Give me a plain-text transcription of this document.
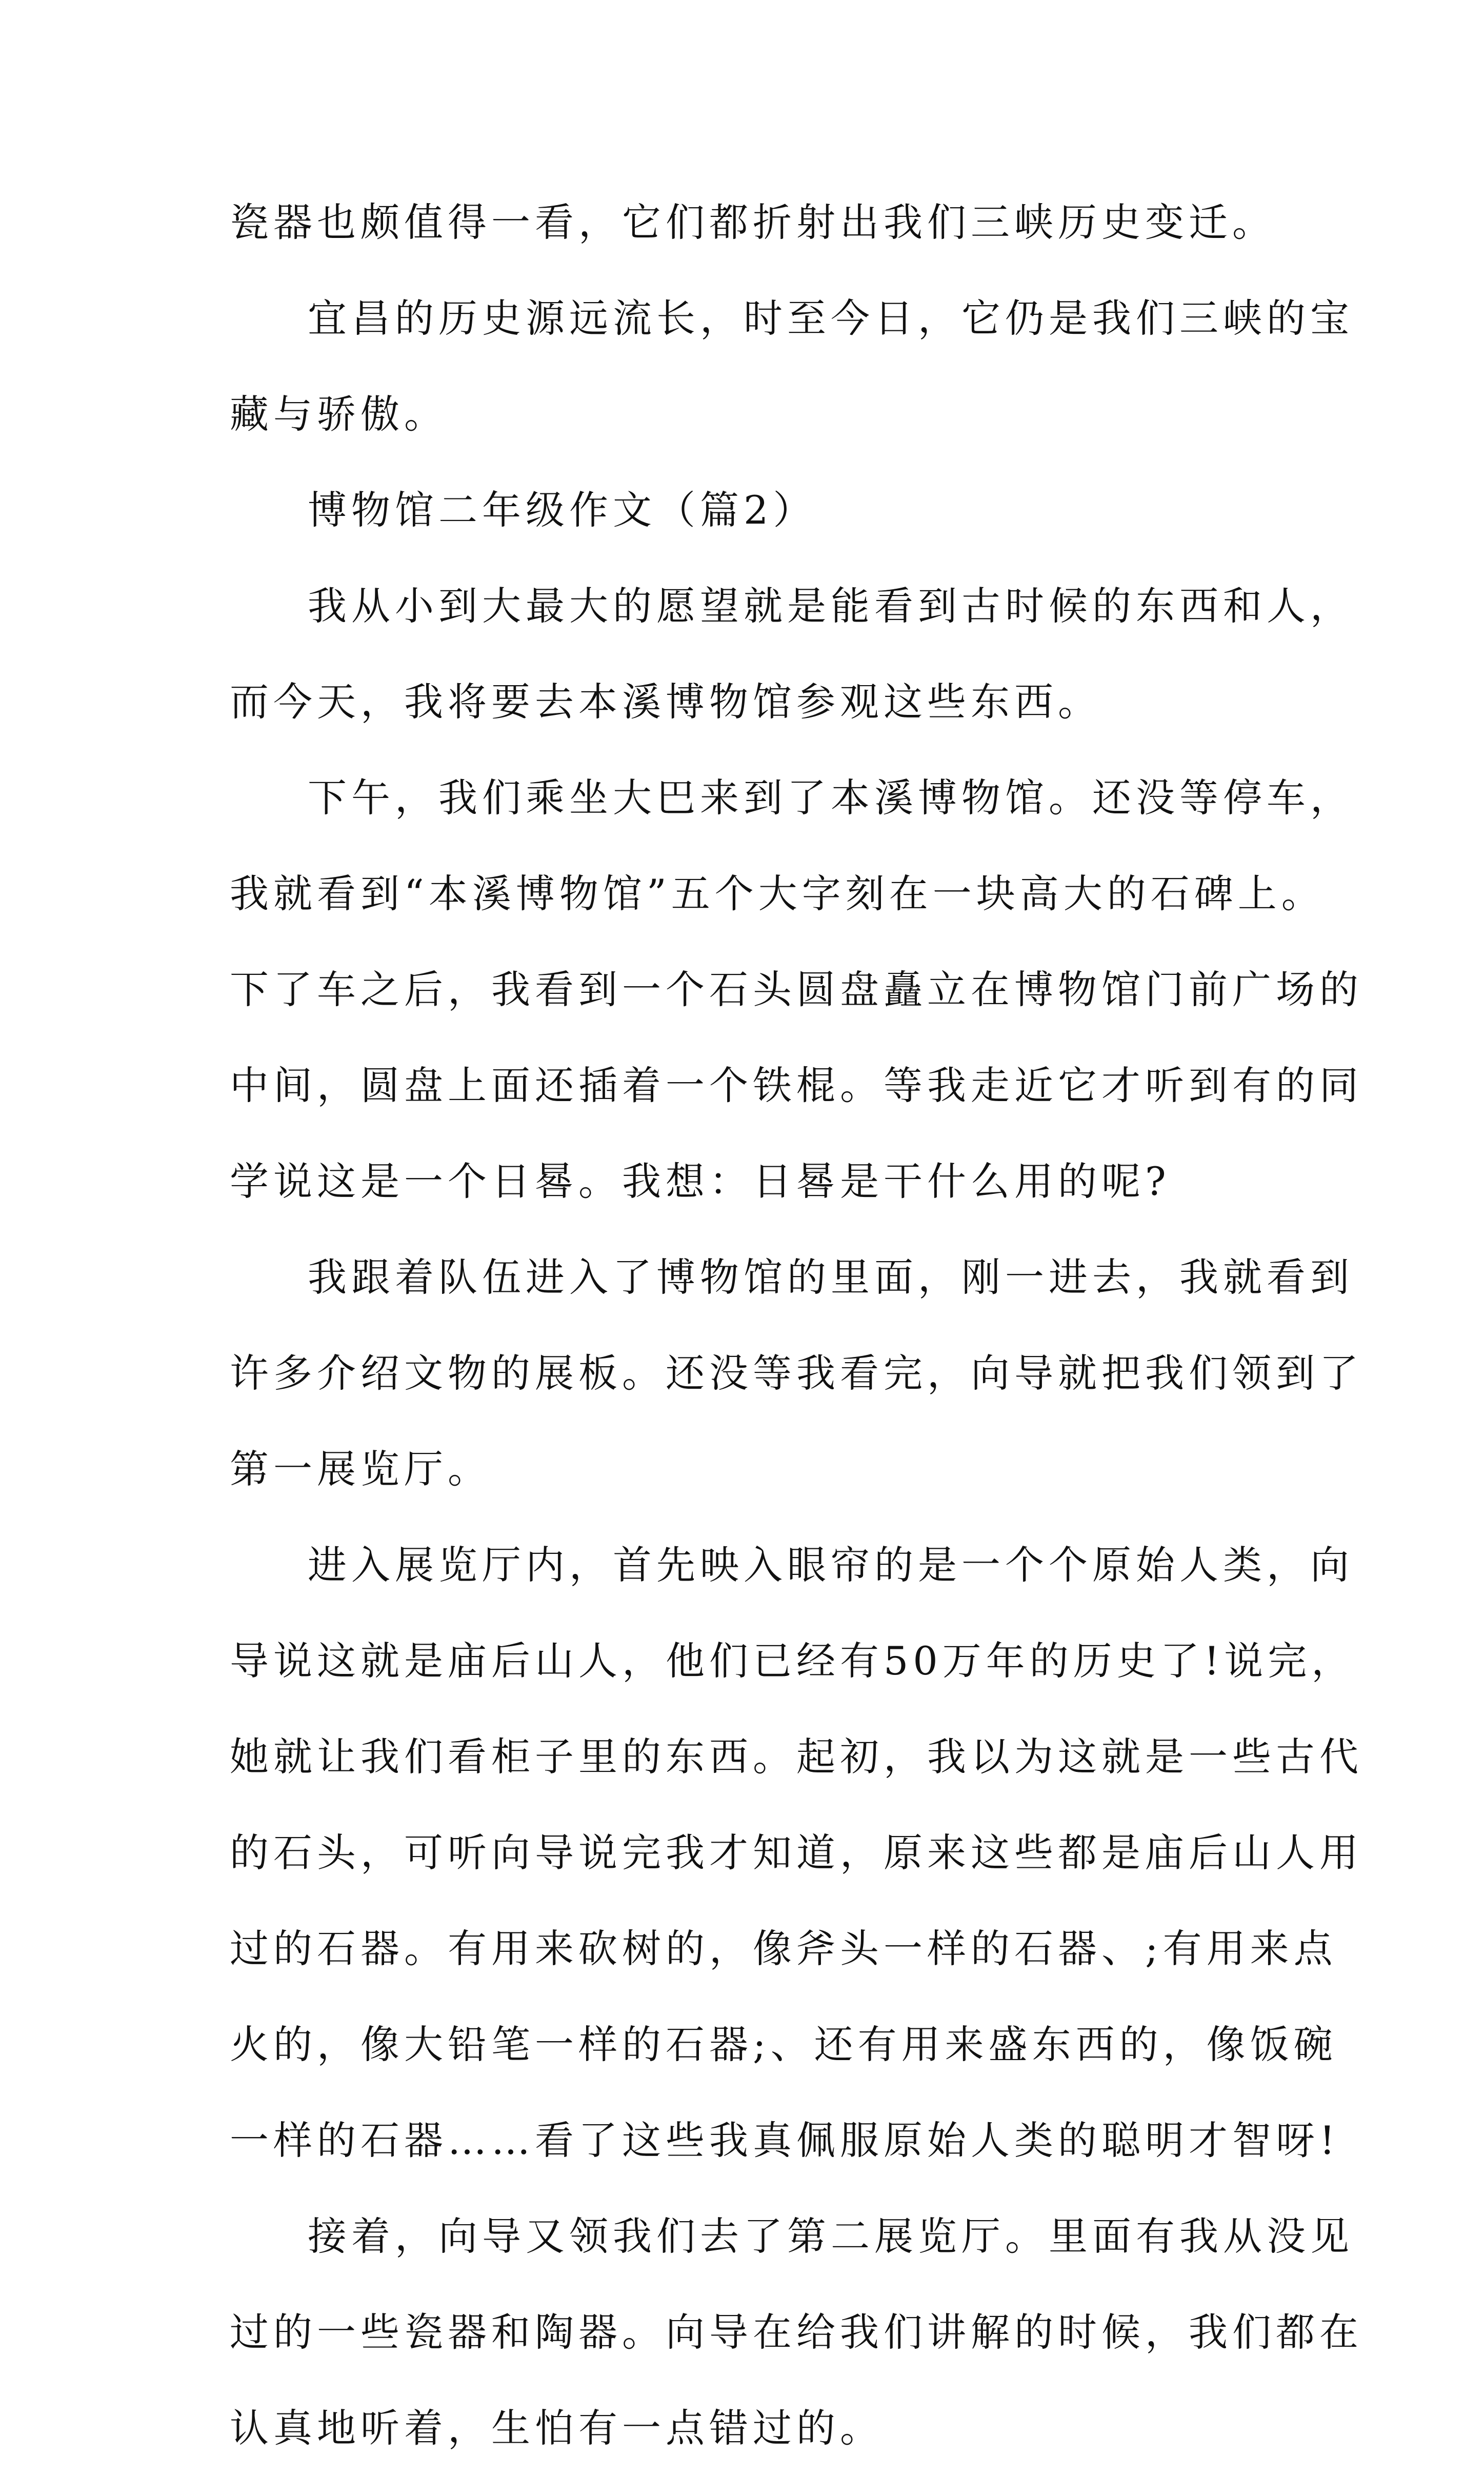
瓷器也颇值得一看，它们都折射出我们三峡历史变迁。
宜昌的历史源远流长，时至今日，它仍是我们三峡的宝
藏与骄傲。
博物馆二年级作文（篇2）
我从小到大最大的愿望就是能看到古时候的东西和人，
而今天，我将要去本溪博物馆参观这些东西。
下午，我们乘坐大巴来到了本溪博物馆。还没等停车，
我就看到“本溪博物馆”五个大字刻在一块高大的石碑上。
下了车之后，我看到一个石头圆盘矗立在博物馆门前广场的
中间，圆盘上面还插着一个铁棍。等我走近它才听到有的同
学说这是一个日晷。我想：日晷是干什么用的呢?
我跟着队伍进入了博物馆的里面，刚一进去，我就看到
许多介绍文物的展板。还没等我看完，向导就把我们领到了
第一展览厅。
进入展览厅内，首先映入眼帘的是一个个原始人类，向
导说这就是庙后山人，他们已经有50万年的历史了!说完，
她就让我们看柜子里的东西。起初，我以为这就是一些古代
的石头，可听向导说完我才知道，原来这些都是庙后山人用
过的石器。有用来砍树的，像斧头一样的石器、;有用来点
火的，像大铅笔一样的石器;、还有用来盛东西的，像饭碗
一样的石器……看了这些我真佩服原始人类的聪明才智呀!
接着，向导又领我们去了第二展览厅。里面有我从没见
过的一些瓷器和陶器。向导在给我们讲解的时候，我们都在
认真地听着，生怕有一点错过的。
